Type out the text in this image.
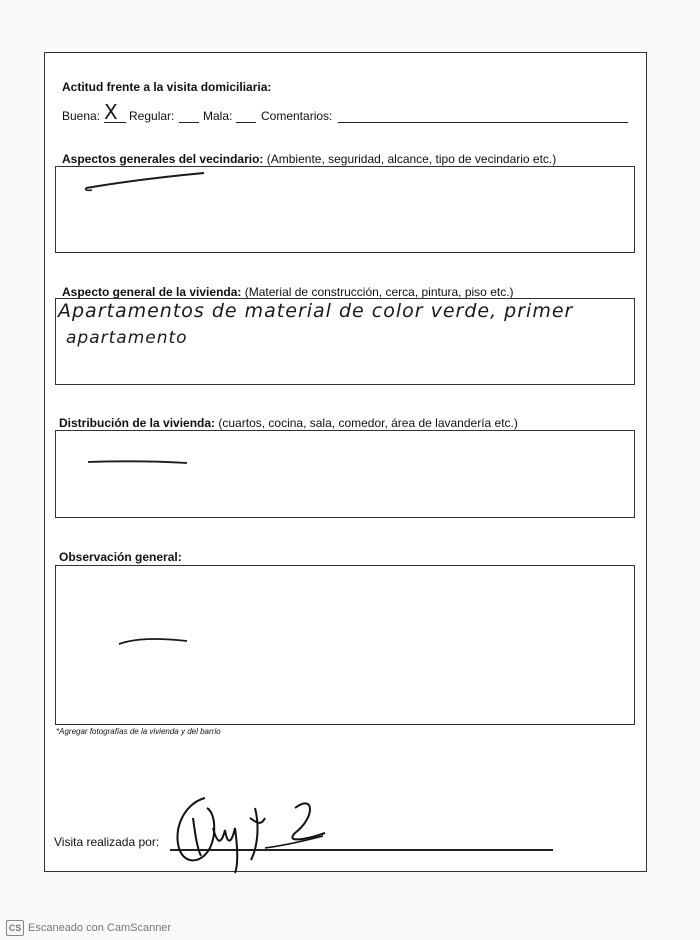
Actitud frente a la visita domiciliaria:
Buena: X Regular: Mala: Comentarios:
Aspectos generales del vecindario: (Ambiente, seguridad, alcance, tipo de vecindario etc.)
Aspecto general de la vivienda: (Material de construcción, cerca, pintura, piso etc.)
Apartamentos de material de color verde, primer
apartamento
Distribución de la vivienda: (cuartos, cocina, sala, comedor, área de lavandería etc.)
Observación general:
*Agregar fotografías de la vivienda y del barrio
Visita realizada por:
CS Escaneado con CamScanner
